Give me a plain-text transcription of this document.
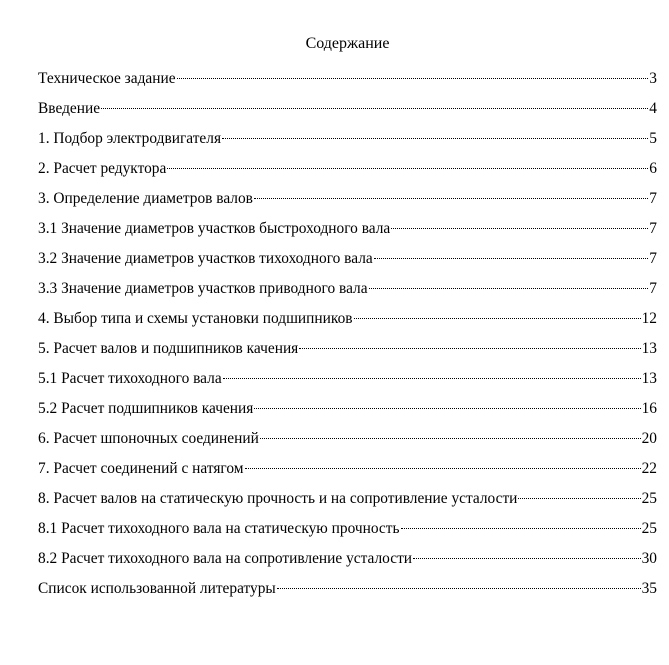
Содержание
Техническое задание	3
Введение	4
1. Подбор электродвигателя	5
2. Расчет редуктора	6
3. Определение диаметров валов	7
3.1 Значение диаметров участков быстроходного вала	7
3.2 Значение диаметров участков тихоходного вала	7
3.3 Значение диаметров участков приводного вала	7
4. Выбор типа и схемы установки подшипников	12
5. Расчет валов и подшипников качения	13
5.1 Расчет тихоходного вала	13
5.2 Расчет подшипников качения	16
6. Расчет шпоночных соединений	20
7. Расчет соединений с натягом	22
8. Расчет валов на статическую прочность и на сопротивление усталости	25
8.1 Расчет тихоходного вала на статическую прочность	25
8.2 Расчет тихоходного вала на сопротивление усталости	30
Список использованной литературы	35
